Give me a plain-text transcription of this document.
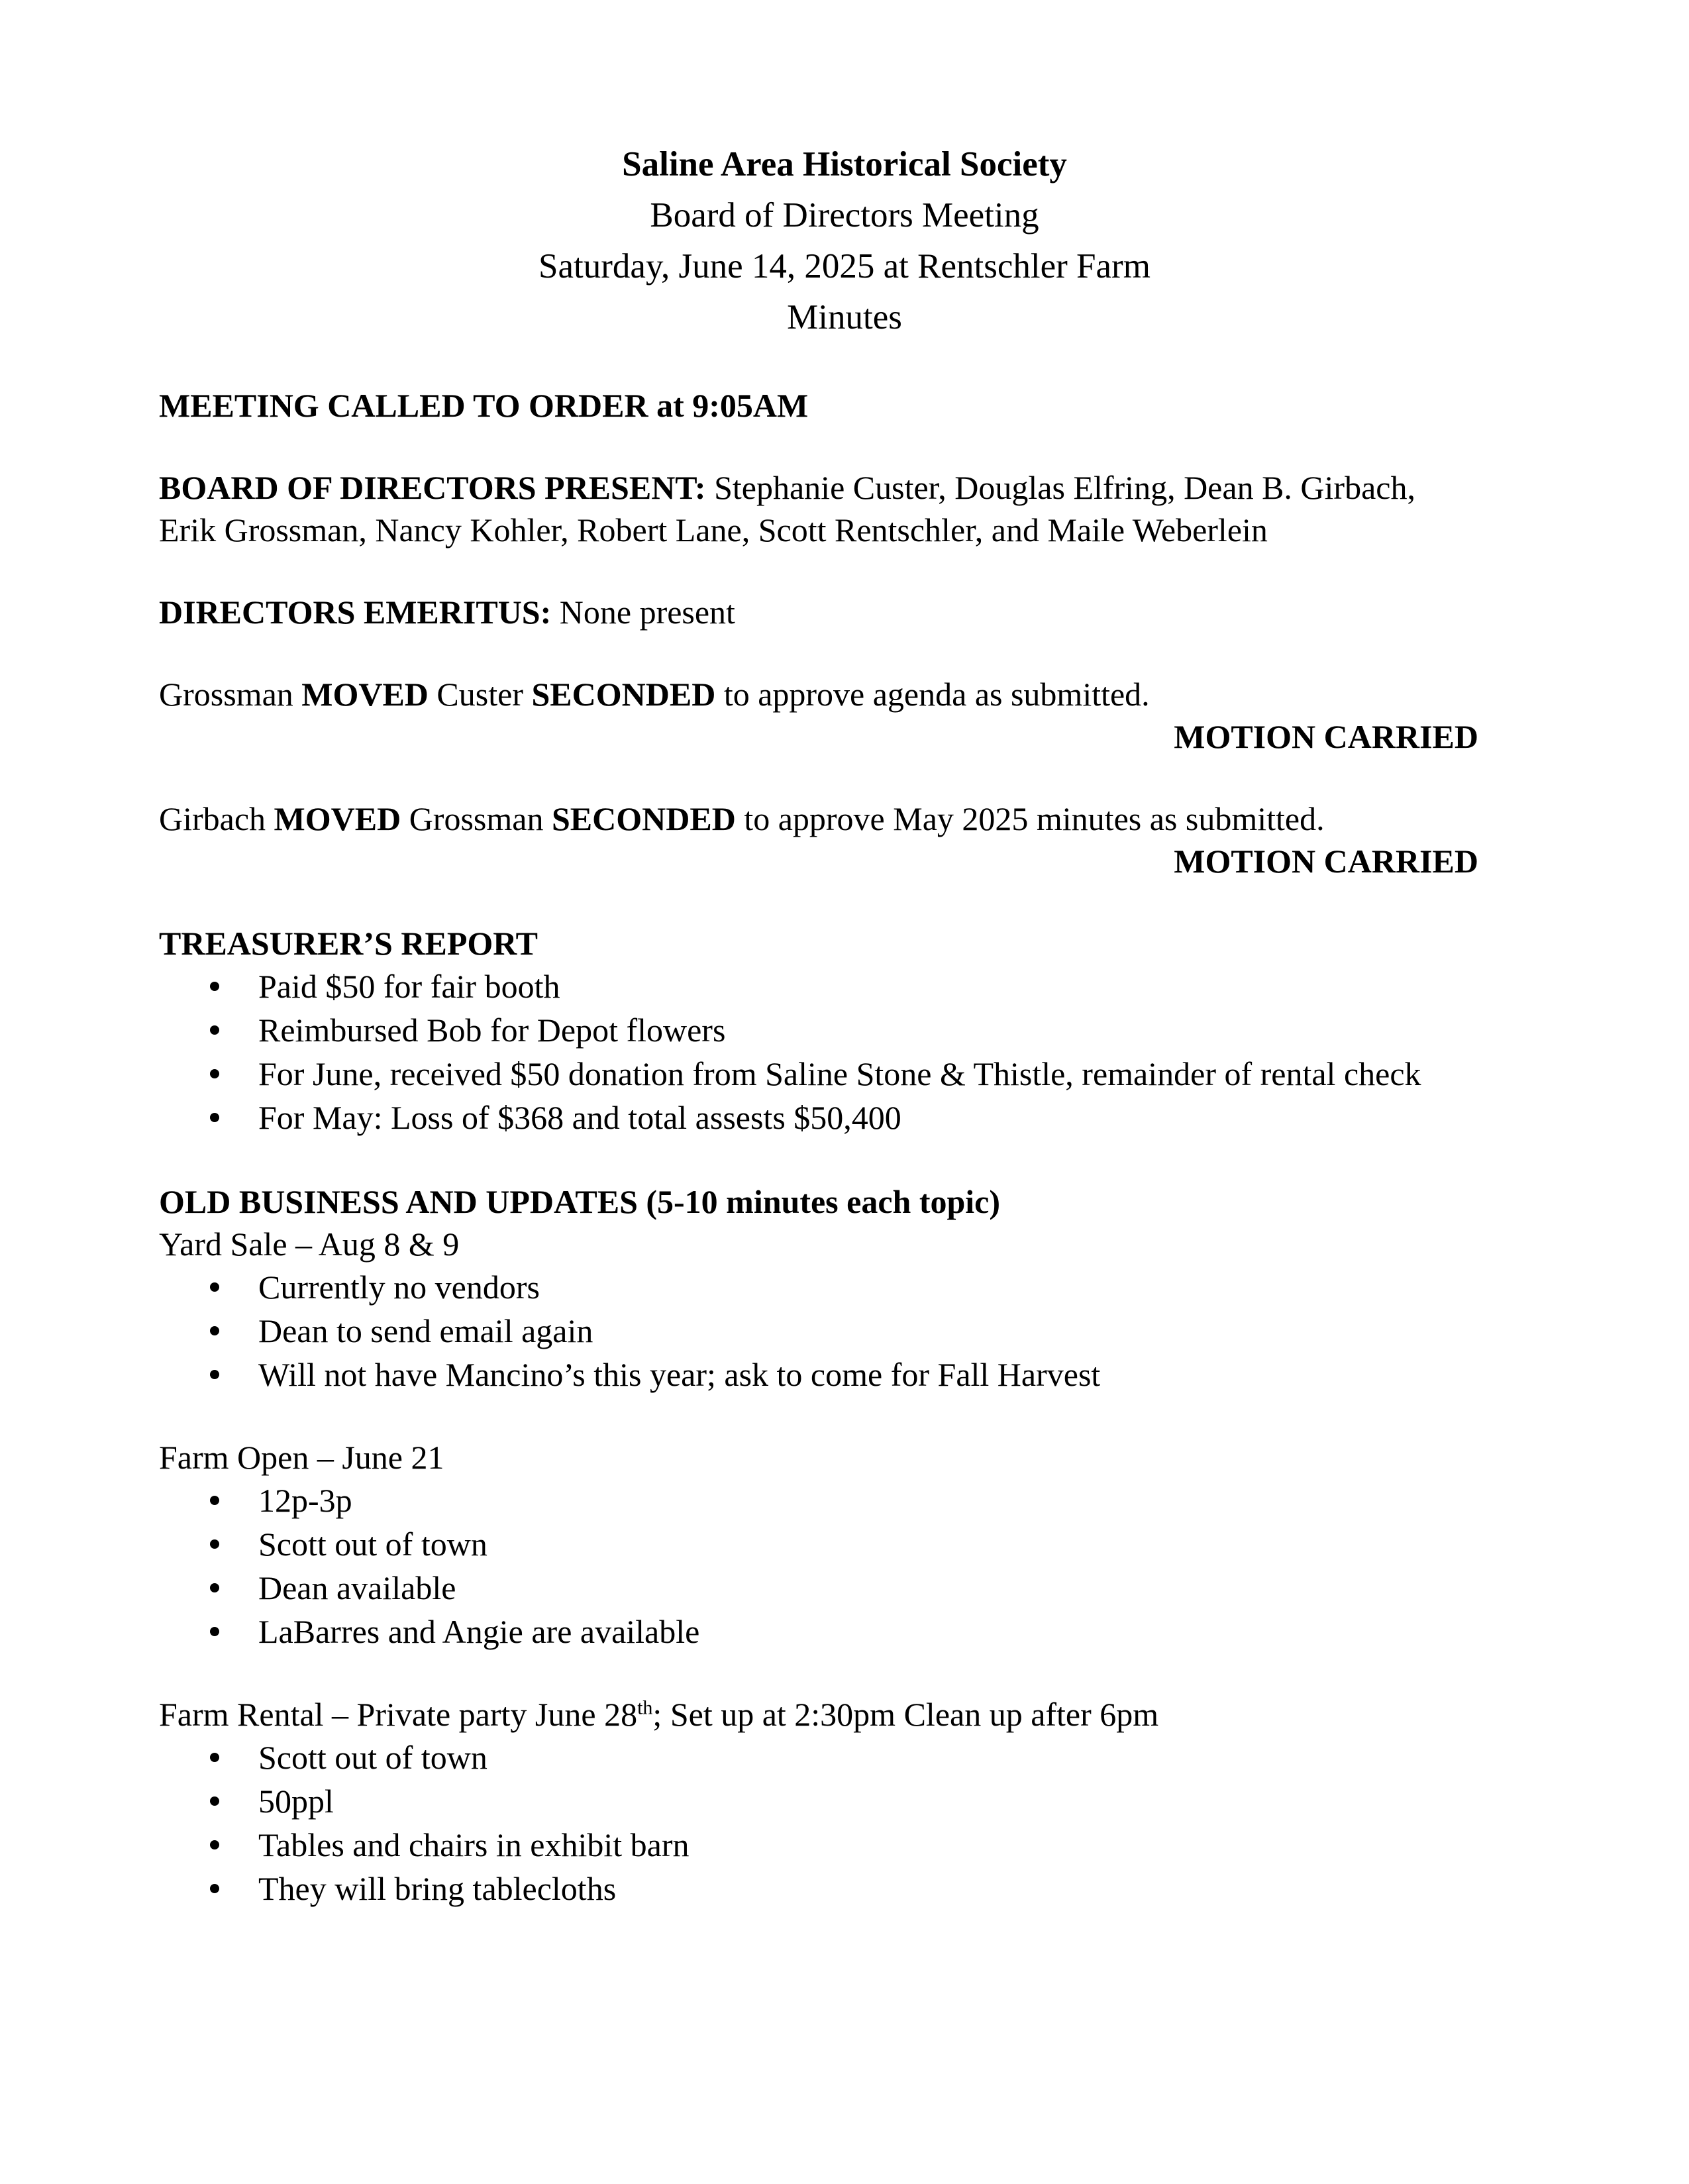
Saline Area Historical Society
Board of Directors Meeting
Saturday, June 14, 2025 at Rentschler Farm
Minutes

MEETING CALLED TO ORDER at 9:05AM

BOARD OF DIRECTORS PRESENT: Stephanie Custer, Douglas Elfring, Dean B. Girbach,
Erik Grossman, Nancy Kohler, Robert Lane, Scott Rentschler, and Maile Weberlein

DIRECTORS EMERITUS: None present

Grossman MOVED Custer SECONDED to approve agenda as submitted.

MOTION CARRIED

Girbach MOVED Grossman SECONDED to approve May 2025 minutes as submitted.

MOTION CARRIED

TREASURER’S REPORT

Paid $50 for fair booth
Reimbursed Bob for Depot flowers
For June, received $50 donation from Saline Stone & Thistle, remainder of rental check
For May: Loss of $368 and total assests $50,400

OLD BUSINESS AND UPDATES (5-10 minutes each topic)

Yard Sale – Aug 8 & 9

Currently no vendors
Dean to send email again
Will not have Mancino’s this year; ask to come for Fall Harvest

Farm Open – June 21

12p-3p
Scott out of town
Dean available
LaBarres and Angie are available

Farm Rental – Private party June 28th; Set up at 2:30pm Clean up after 6pm

Scott out of town
50ppl
Tables and chairs in exhibit barn
They will bring tablecloths
